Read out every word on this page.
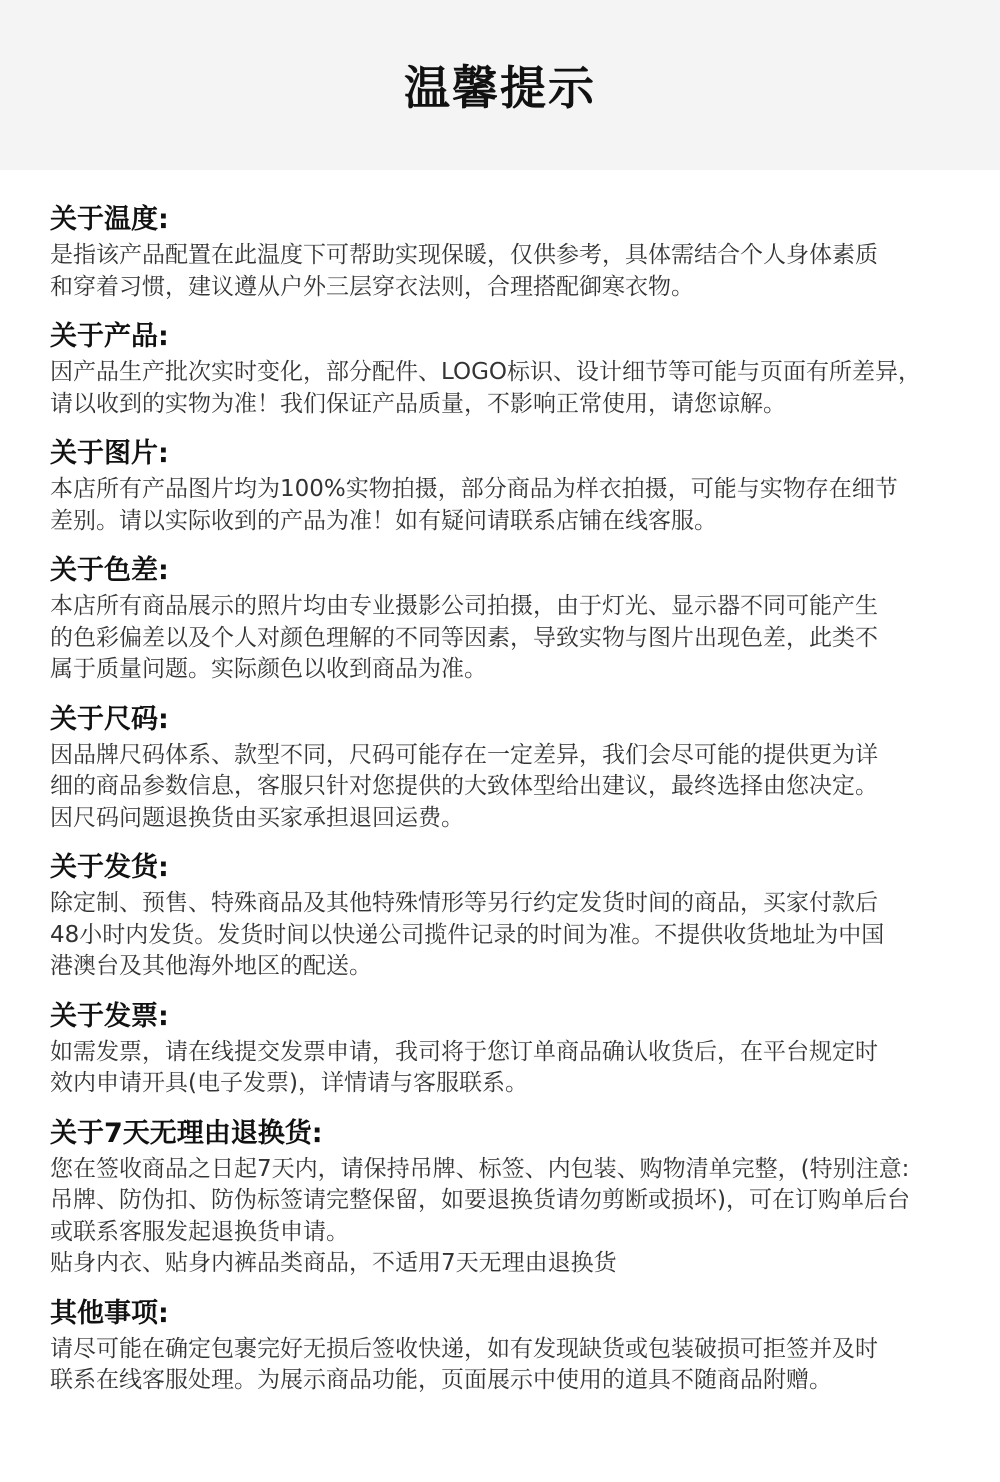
温馨提示

关于温度:

是指该产品配置在此温度下可帮助实现保暖，仅供参考，具体需结合个人身体素质
和穿着习惯，建议遵从户外三层穿衣法则，合理搭配御寒衣物。

关于产品:

因产品生产批次实时变化，部分配件、LOGO标识、设计细节等可能与页面有所差异，
请以收到的实物为准！我们保证产品质量，不影响正常使用，请您谅解。

关于图片:

本店所有产品图片均为100%实物拍摄，部分商品为样衣拍摄，可能与实物存在细节
差别。请以实际收到的产品为准！如有疑问请联系店铺在线客服。

关于色差:

本店所有商品展示的照片均由专业摄影公司拍摄，由于灯光、显示器不同可能产生
的色彩偏差以及个人对颜色理解的不同等因素，导致实物与图片出现色差，此类不
属于质量问题。实际颜色以收到商品为准。

关于尺码:

因品牌尺码体系、款型不同，尺码可能存在一定差异，我们会尽可能的提供更为详
细的商品参数信息，客服只针对您提供的大致体型给出建议，最终选择由您决定。
因尺码问题退换货由买家承担退回运费。

关于发货:

除定制、预售、特殊商品及其他特殊情形等另行约定发货时间的商品，买家付款后
48小时内发货。发货时间以快递公司揽件记录的时间为准。不提供收货地址为中国
港澳台及其他海外地区的配送。

关于发票:

如需发票，请在线提交发票申请，我司将于您订单商品确认收货后，在平台规定时
效内申请开具(电子发票)，详情请与客服联系。

关于7天无理由退换货:

您在签收商品之日起7天内，请保持吊牌、标签、内包装、购物清单完整，(特别注意:
吊牌、防伪扣、防伪标签请完整保留，如要退换货请勿剪断或损坏)，可在订购单后台
或联系客服发起退换货申请。

贴身内衣、贴身内裤品类商品，不适用7天无理由退换货

其他事项:

请尽可能在确定包裹完好无损后签收快递，如有发现缺货或包装破损可拒签并及时
联系在线客服处理。为展示商品功能，页面展示中使用的道具不随商品附赠。
